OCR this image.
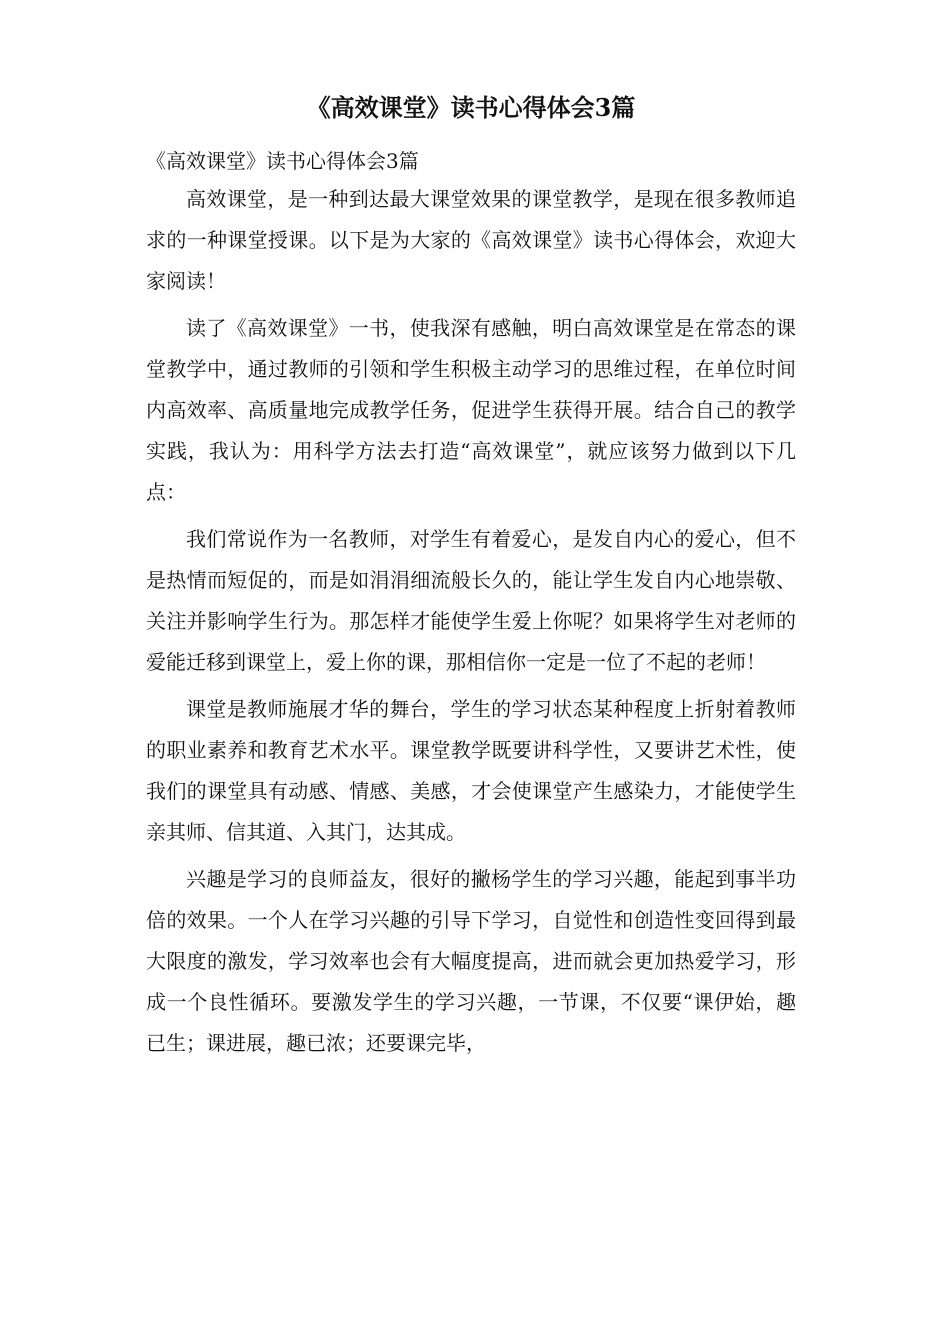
《高效课堂》读书心得体会3篇

《高效课堂》读书心得体会3篇

高效课堂，是一种到达最大课堂效果的课堂教学，是现在很多教师追求的一种课堂授课。以下是为大家的《高效课堂》读书心得体会，欢迎大家阅读！

读了《高效课堂》一书，使我深有感触，明白高效课堂是在常态的课堂教学中，通过教师的引领和学生积极主动学习的思维过程，在单位时间内高效率、高质量地完成教学任务，促进学生获得开展。结合自己的教学实践，我认为：用科学方法去打造“高效课堂”，就应该努力做到以下几点：

我们常说作为一名教师，对学生有着爱心，是发自内心的爱心，但不是热情而短促的，而是如涓涓细流般长久的，能让学生发自内心地崇敬、关注并影响学生行为。那怎样才能使学生爱上你呢？如果将学生对老师的爱能迁移到课堂上，爱上你的课，那相信你一定是一位了不起的老师！

课堂是教师施展才华的舞台，学生的学习状态某种程度上折射着教师的职业素养和教育艺术水平。课堂教学既要讲科学性，又要讲艺术性，使我们的课堂具有动感、情感、美感，才会使课堂产生感染力，才能使学生亲其师、信其道、入其门，达其成。

兴趣是学习的良师益友，很好的撇杨学生的学习兴趣，能起到事半功倍的效果。一个人在学习兴趣的引导下学习，自觉性和创造性变回得到最大限度的激发，学习效率也会有大幅度提高，进而就会更加热爱学习，形成一个良性循环。要激发学生的学习兴趣，一节课，不仅要“课伊始，趣已生；课进展，趣已浓；还要课完毕，
